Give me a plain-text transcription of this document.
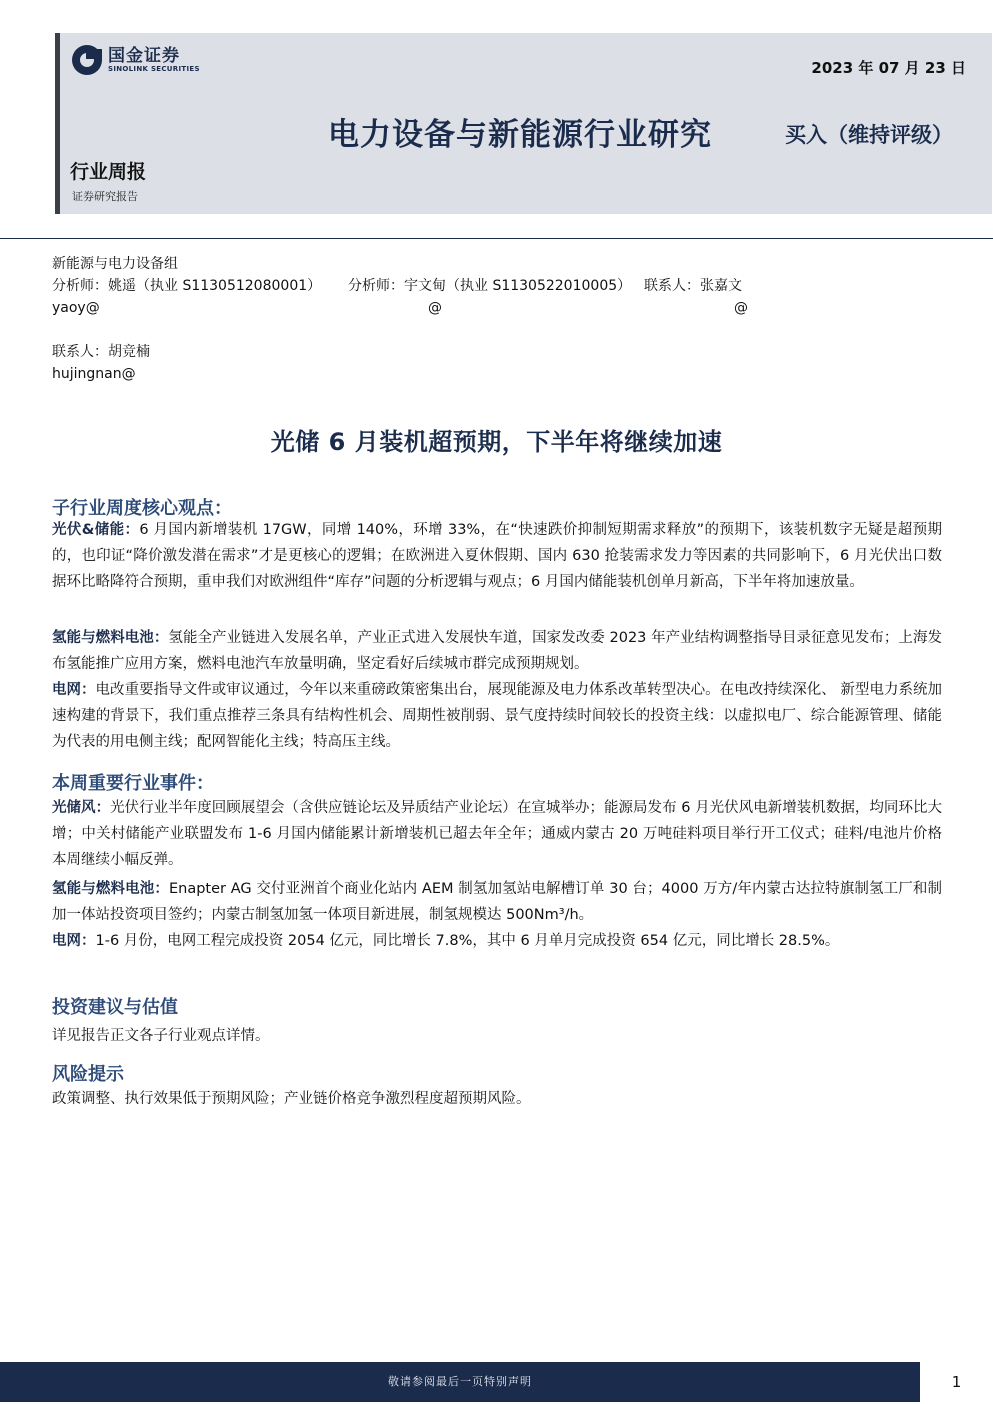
国金证券
SINOLINK SECURITIES	2023 年 07 月 23 日
电力设备与新能源行业研究	买入（维持评级）
行业周报
证券研究报告
新能源与电力设备组
分析师：姚遥（执业 S1130512080001） 分析师：宇文甸（执业 S1130522010005） 联系人：张嘉文
yaoy@	@	@
联系人：胡竞楠
hujingnan@
光储 6 月装机超预期，下半年将继续加速
子行业周度核心观点：
光伏&储能：6 月国内新增装机 17GW，同增 140%，环增 33%，在“快速跌价抑制短期需求释放”的预期下，该装机数字无疑是超预期的，也印证“降价激发潜在需求”才是更核心的逻辑；在欧洲进入夏休假期、国内 630 抢装需求发力等因素的共同影响下，6 月光伏出口数据环比略降符合预期，重申我们对欧洲组件“库存”问题的分析逻辑与观点；6 月国内储能装机创单月新高，下半年将加速放量。
氢能与燃料电池：氢能全产业链进入发展名单，产业正式进入发展快车道，国家发改委 2023 年产业结构调整指导目录征意见发布；上海发布氢能推广应用方案，燃料电池汽车放量明确，坚定看好后续城市群完成预期规划。
电网：电改重要指导文件或审议通过，今年以来重磅政策密集出台，展现能源及电力体系改革转型决心。在电改持续深化、 新型电力系统加速构建的背景下，我们重点推荐三条具有结构性机会、周期性被削弱、景气度持续时间较长的投资主线：以虚拟电厂、综合能源管理、储能为代表的用电侧主线；配网智能化主线；特高压主线。
本周重要行业事件：
光储风：光伏行业半年度回顾展望会（含供应链论坛及异质结产业论坛）在宣城举办；能源局发布 6 月光伏风电新增装机数据，均同环比大增；中关村储能产业联盟发布 1-6 月国内储能累计新增装机已超去年全年；通威内蒙古 20 万吨硅料项目举行开工仪式；硅料/电池片价格本周继续小幅反弹。
氢能与燃料电池：Enapter AG 交付亚洲首个商业化站内 AEM 制氢加氢站电解槽订单 30 台；4000 万方/年内蒙古达拉特旗制氢工厂和制加一体站投资项目签约；内蒙古制氢加氢一体项目新进展，制氢规模达 500Nm³/h。
电网：1-6 月份，电网工程完成投资 2054 亿元，同比增长 7.8%，其中 6 月单月完成投资 654 亿元，同比增长 28.5%。
投资建议与估值
详见报告正文各子行业观点详情。
风险提示
政策调整、执行效果低于预期风险；产业链价格竞争激烈程度超预期风险。
敬请参阅最后一页特别声明	1
